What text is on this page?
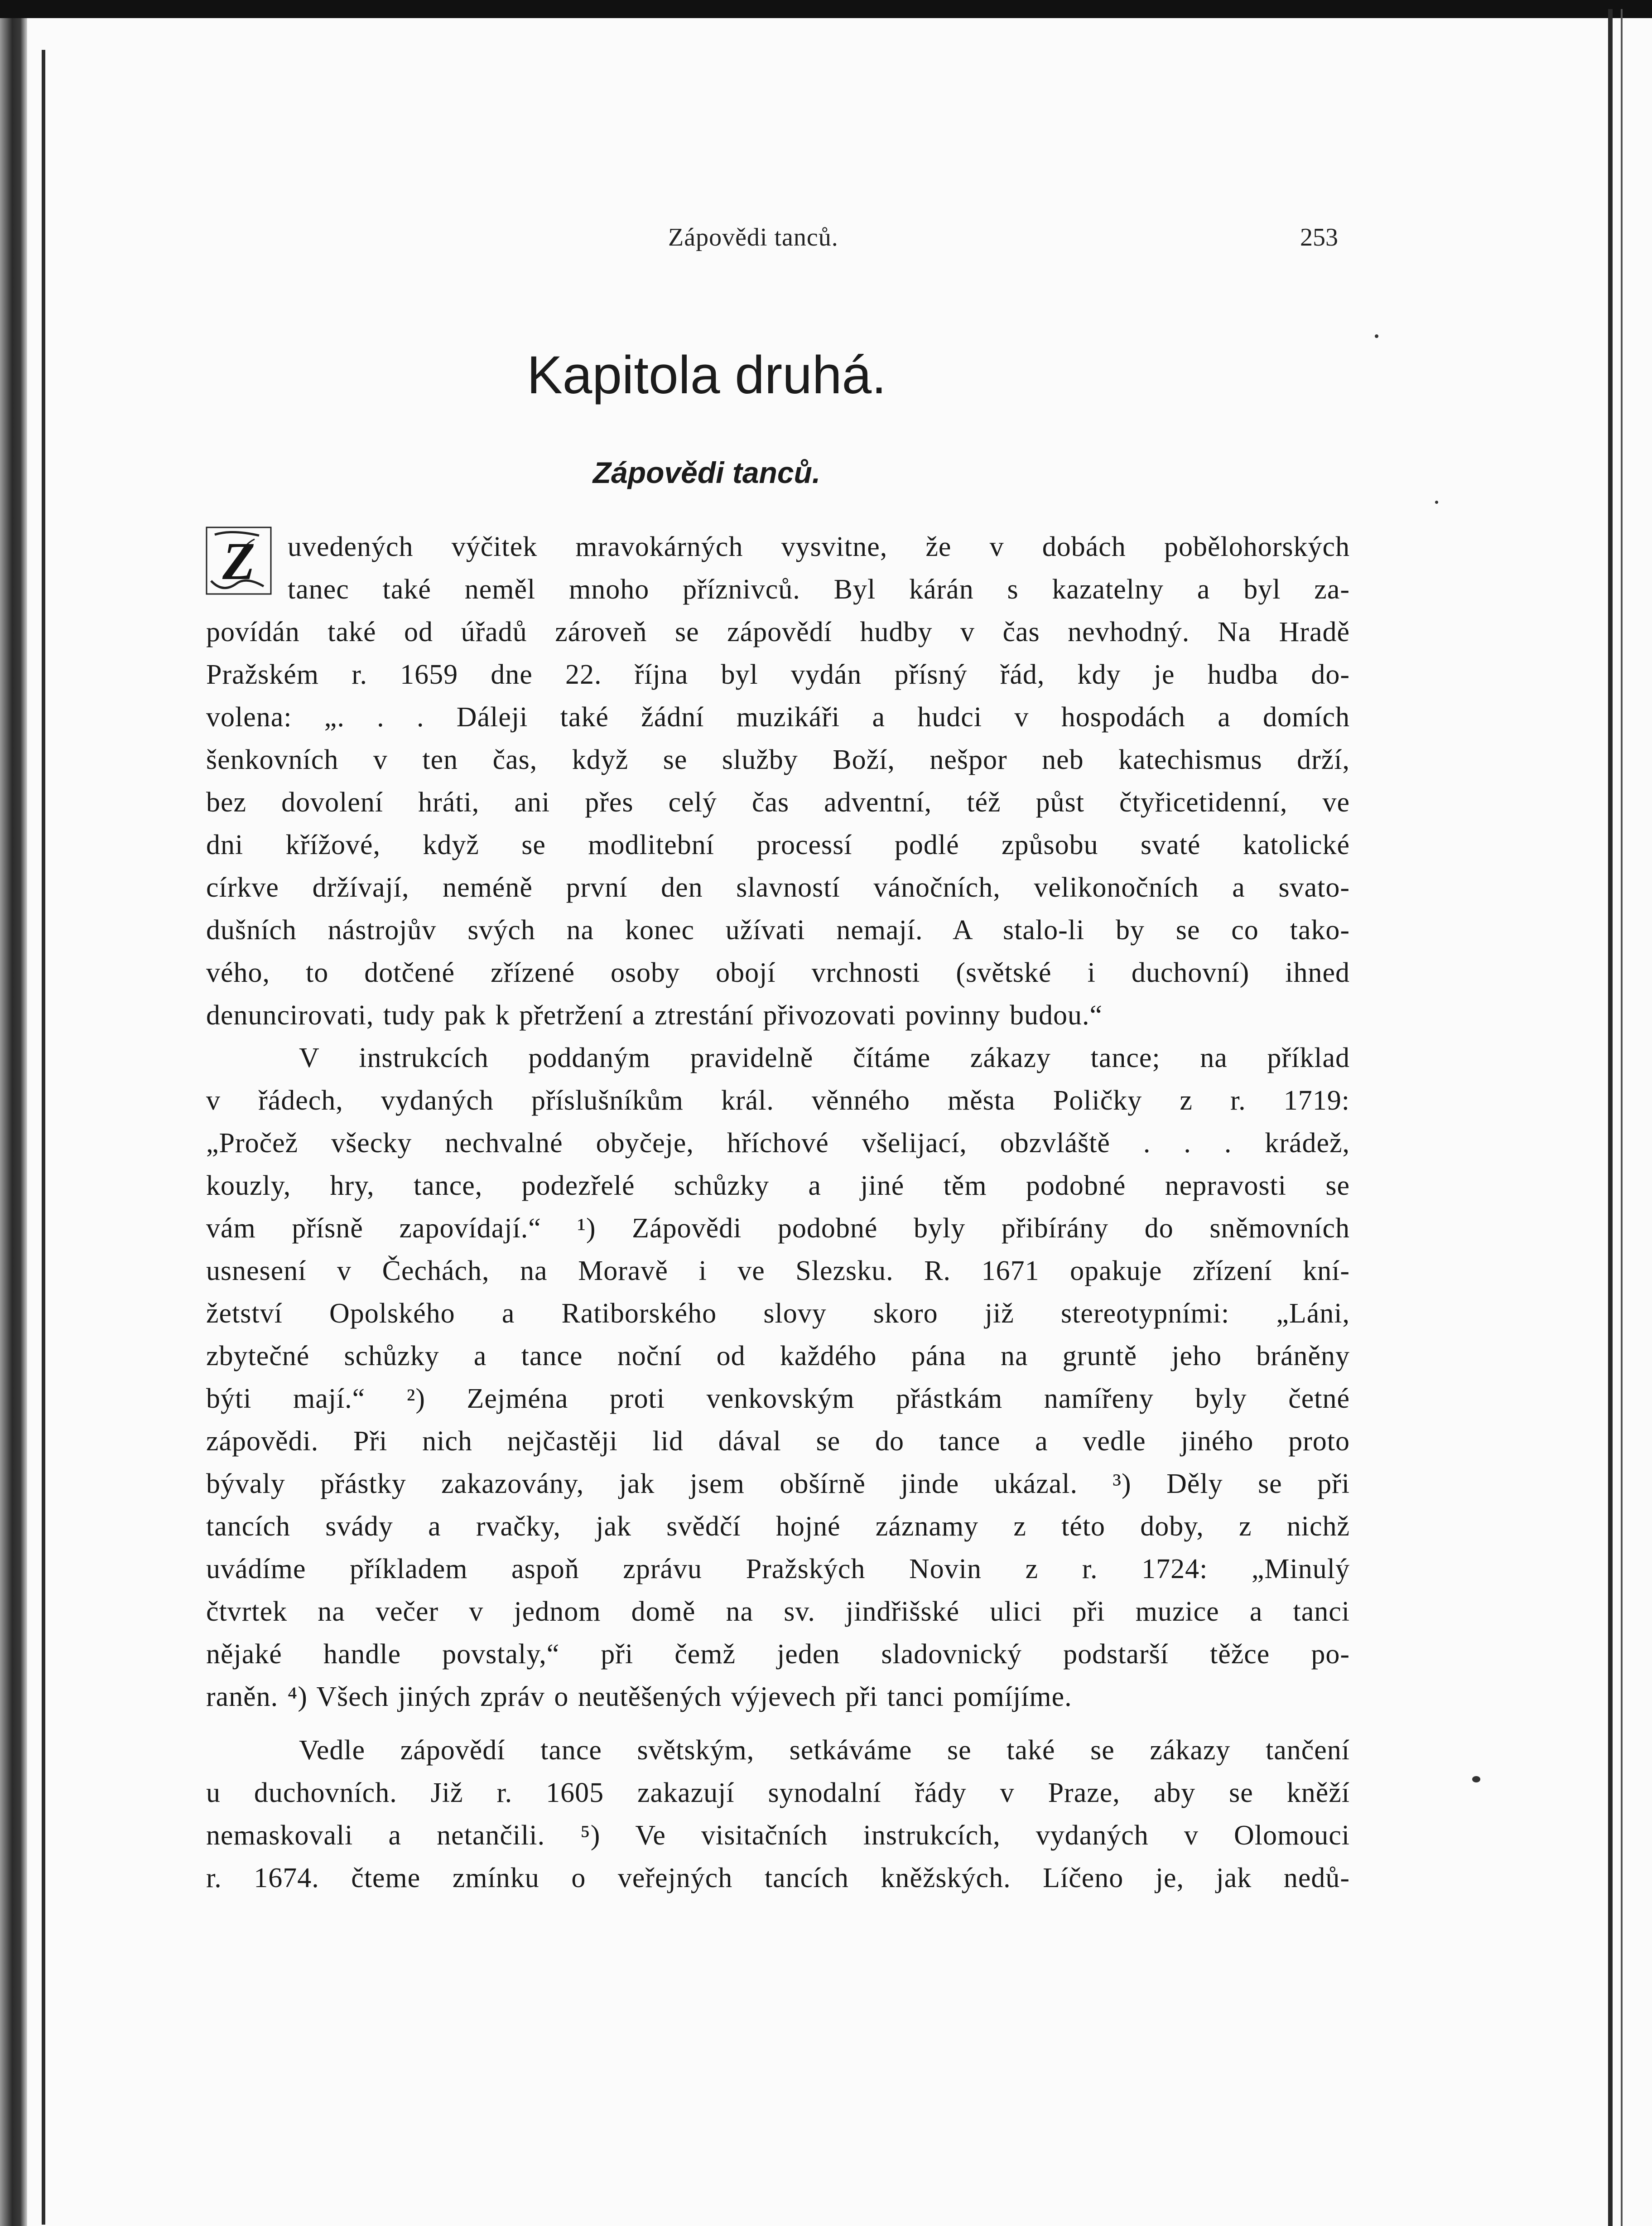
Zápovědi tanců.	253
Kapitola druhá.
Zápovědi tanců.
Z uvedených výčitek mravokárných vysvitne, že v dobách pobělohorských
tanec také neměl mnoho příznivců. Byl kárán s kazatelny a byl za-
povídán také od úřadů zároveň se zápovědí hudby v čas nevhodný. Na Hradě
Pražském r. 1659 dne 22. října byl vydán přísný řád, kdy je hudba do-
volena: „. . . Dáleji také žádní muzikáři a hudci v hospodách a domích
šenkovních v ten čas, když se služby Boží, nešpor neb katechismus drží,
bez dovolení hráti, ani přes celý čas adventní, též půst čtyřicetidenní, ve
dni křížové, když se modlitební processí podlé způsobu svaté katolické
církve držívají, neméně první den slavností vánočních, velikonočních a svato-
dušních nástrojův svých na konec užívati nemají. A stalo-li by se co tako-
vého, to dotčené zřízené osoby obojí vrchnosti (světské i duchovní) ihned
denuncirovati, tudy pak k přetržení a ztrestání přivozovati povinny budou.“
V instrukcích poddaným pravidelně čítáme zákazy tance; na příklad
v řádech, vydaných příslušníkům král. věnného města Poličky z r. 1719:
„Pročež všecky nechvalné obyčeje, hříchové všelijací, obzvláště . . . krádež,
kouzly, hry, tance, podezřelé schůzky a jiné těm podobné nepravosti se
vám přísně zapovídají.“ ¹) Zápovědi podobné byly přibírány do sněmovních
usnesení v Čechách, na Moravě i ve Slezsku. R. 1671 opakuje zřízení kní-
žetství Opolského a Ratiborského slovy skoro již stereotypními: „Láni,
zbytečné schůzky a tance noční od každého pána na gruntě jeho bráněny
býti mají.“ ²) Zejména proti venkovským přástkám namířeny byly četné
zápovědi. Při nich nejčastěji lid dával se do tance a vedle jiného proto
bývaly přástky zakazovány, jak jsem obšírně jinde ukázal. ³) Děly se při
tancích svády a rvačky, jak svědčí hojné záznamy z této doby, z nichž
uvádíme příkladem aspoň zprávu Pražských Novin z r. 1724: „Minulý
čtvrtek na večer v jednom domě na sv. jindřišské ulici při muzice a tanci
nějaké handle povstaly,“ při čemž jeden sladovnický podstarší těžce po-
raněn. ⁴) Všech jiných zpráv o neutěšených výjevech při tanci pomíjíme.
Vedle zápovědí tance světským, setkáváme se také se zákazy tančení
u duchovních. Již r. 1605 zakazují synodalní řády v Praze, aby se kněží
nemaskovali a netančili. ⁵) Ve visitačních instrukcích, vydaných v Olomouci
r. 1674. čteme zmínku o veřejných tancích kněžských. Líčeno je, jak nedů-
